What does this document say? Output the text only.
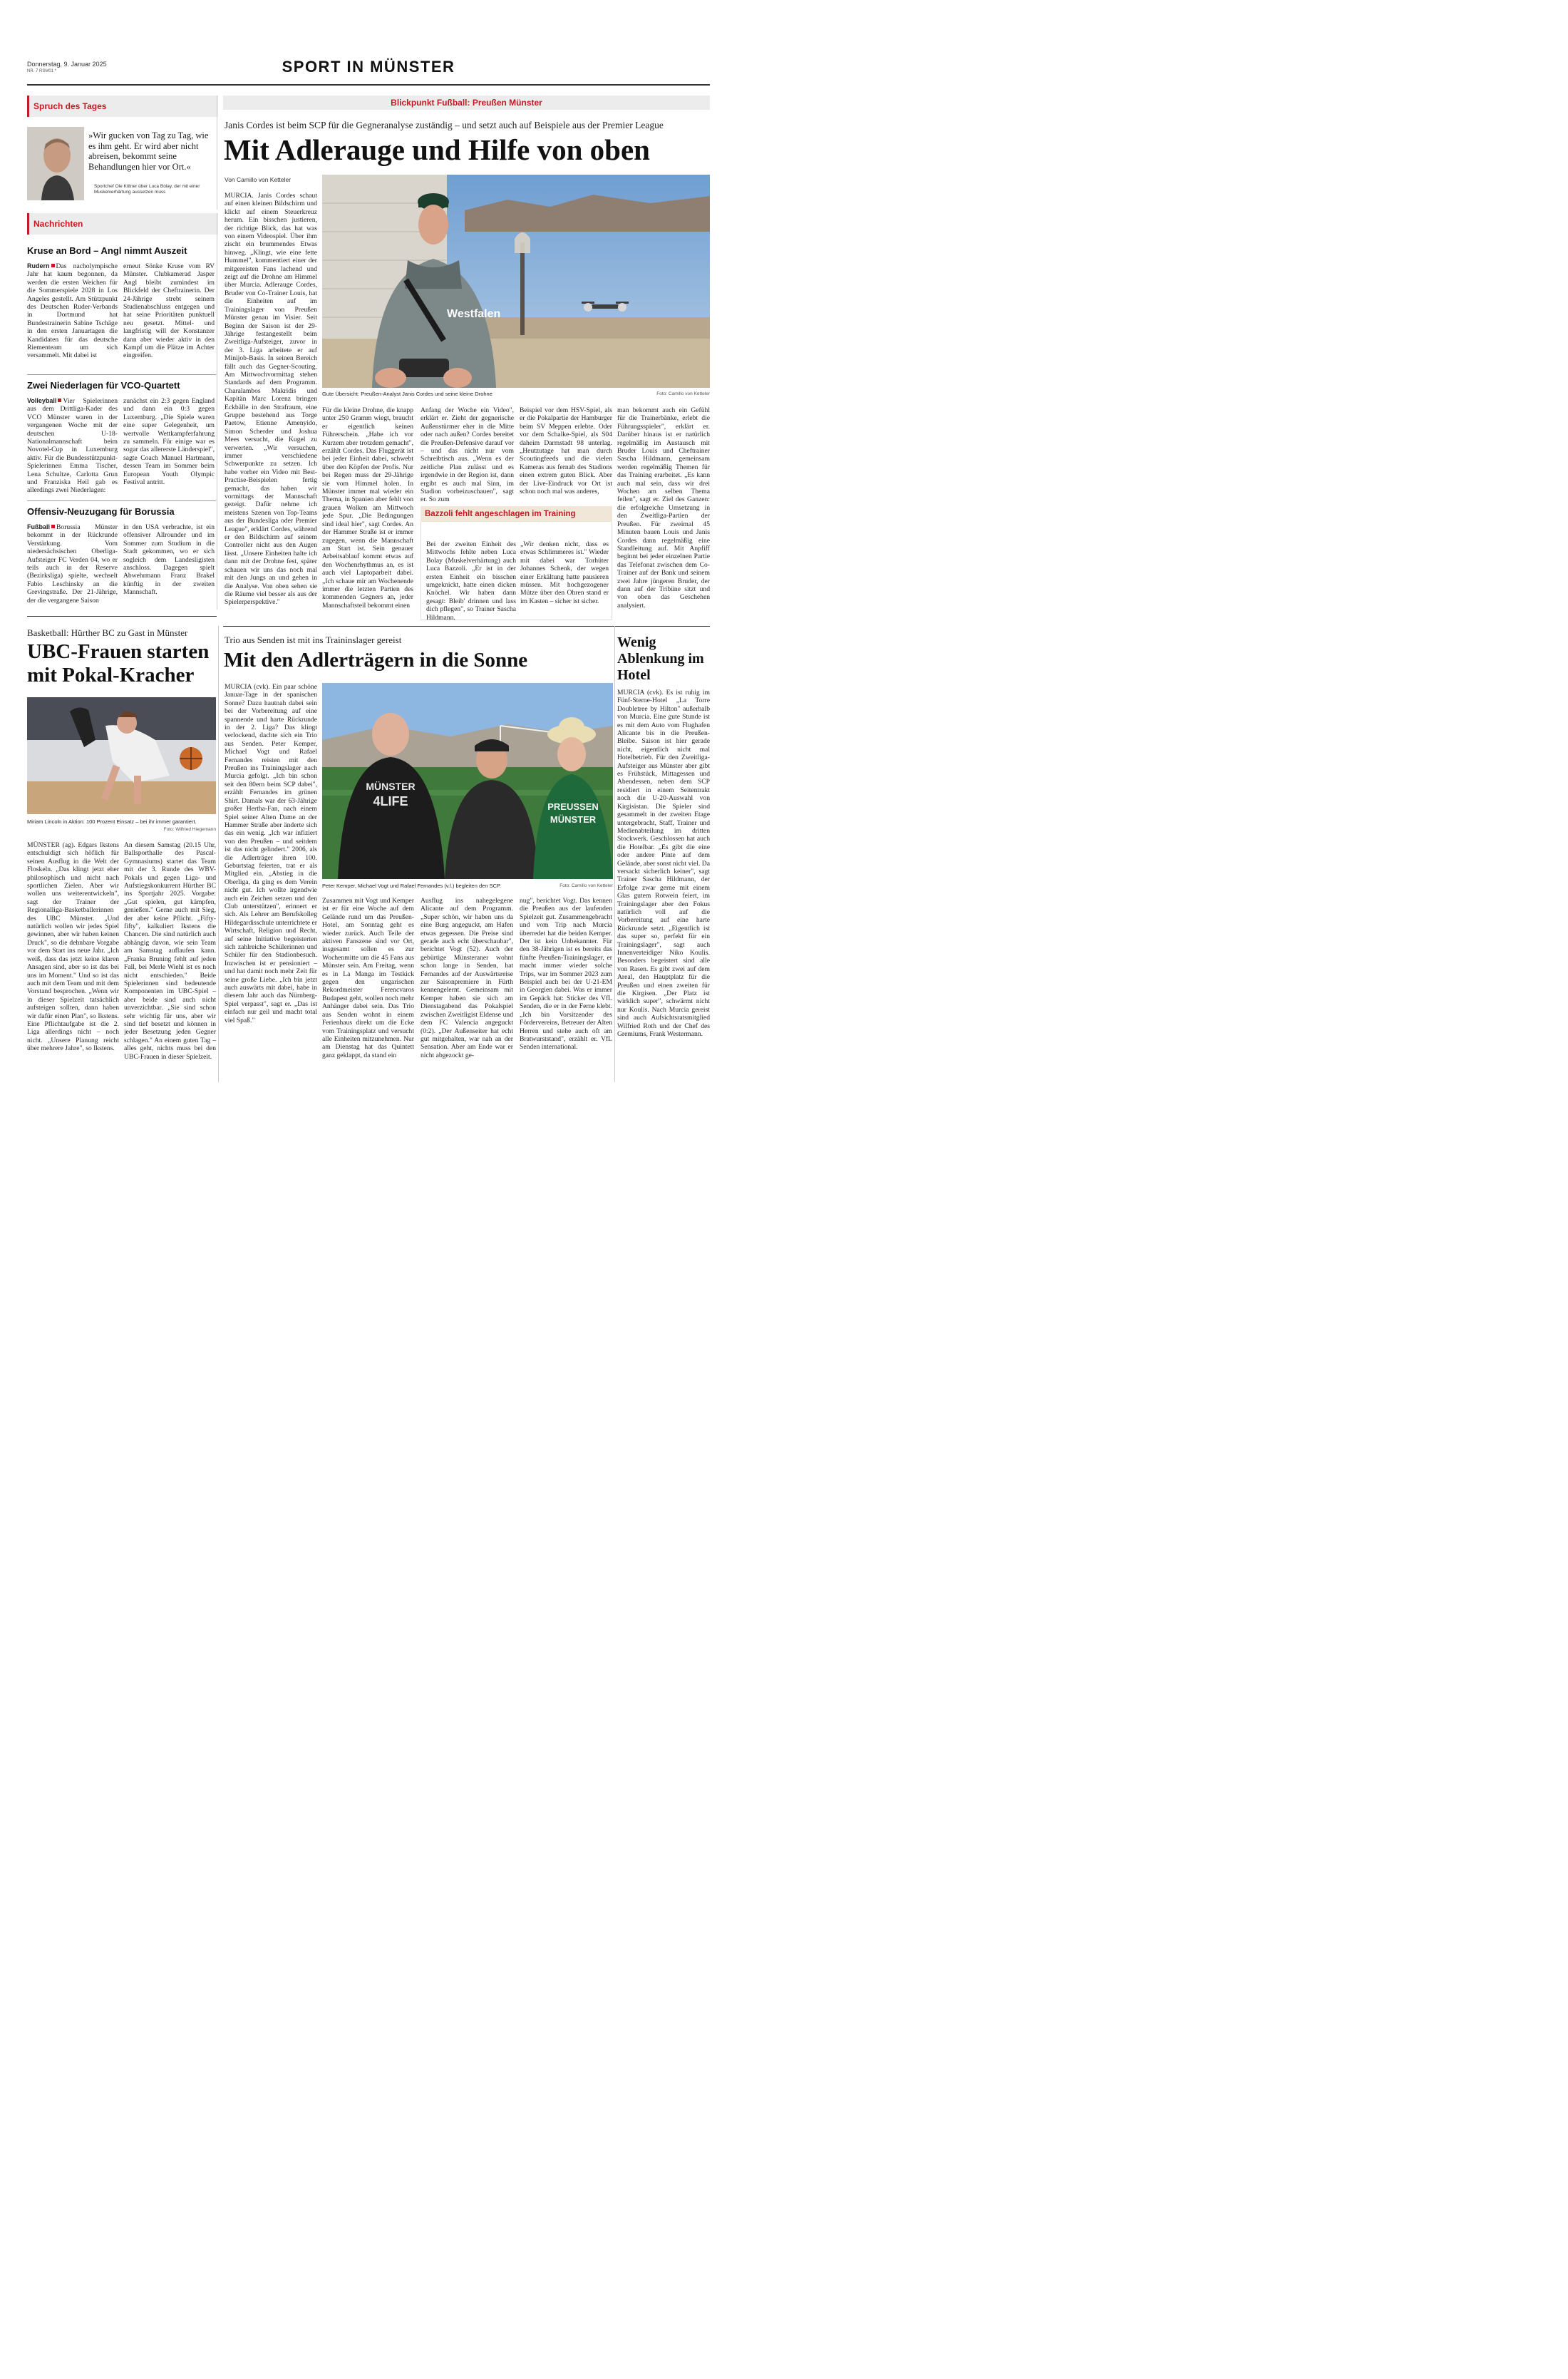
Donnerstag, 9. Januar 2025
NR. 7 RSM01 *	SPORT IN MÜNSTER
Spruch des Tages
»Wir gucken von Tag zu Tag, wie es ihm geht. Er wird aber nicht abreisen, bekommt seine Behandlungen hier vor Ort.«
Sportchef Ole Kittner über Luca Bolay, der mit einer Muskelverhärtung aussetzen muss
Nachrichten
Kruse an Bord – Angl nimmt Auszeit
Rudern Das nacholympische Jahr hat kaum begonnen, da werden die ersten Weichen für die Sommerspiele 2028 in Los Angeles gestellt. Am Stützpunkt des Deutschen Ruder-Verbands in Dortmund hat Bundestrainerin Sabine Tschäge in den ersten Januartagen die Kandidaten für das deutsche Riementeam um sich versammelt. Mit dabei ist
erneut Sönke Kruse vom RV Münster. Clubkamerad Jasper Angl bleibt zumindest im Blickfeld der Cheftrainerin. Der 24-Jährige strebt seinem Studienabschluss entgegen und hat seine Prioritäten punktuell neu gesetzt. Mittel- und langfristig will der Konstanzer dann aber wieder aktiv in den Kampf um die Plätze im Achter eingreifen.
Zwei Niederlagen für VCO-Quartett
Volleyball Vier Spielerinnen aus dem Drittliga-Kader des VCO Münster waren in der vergangenen Woche mit der deutschen U-18-Nationalmannschaft beim Novotel-Cup in Luxemburg aktiv. Für die Bundesstützpunkt-Spielerinnen Emma Tischer, Lena Schultze, Carlotta Grun und Franziska Heil gab es allerdings zwei Niederlagen:
zunächst ein 2:3 gegen England und dann ein 0:3 gegen Luxemburg. „Die Spiele waren eine super Gelegenheit, um wertvolle Wettkampferfahrung zu sammeln. Für einige war es sogar das allererste Länderspiel", sagte Coach Manuel Hartmann, dessen Team im Sommer beim European Youth Olympic Festival antritt.
Offensiv-Neuzugang für Borussia
Fußball Borussia Münster bekommt in der Rückrunde Verstärkung. Vom niedersächsischen Oberliga-Aufsteiger FC Verden 04, wo er teils auch in der Reserve (Bezirksliga) spielte, wechselt Fabio Leschinsky an die Grevingstraße. Der 21-Jährige, der die vergangene Saison
in den USA verbrachte, ist ein offensiver Allrounder und im Sommer zum Studium in die Stadt gekommen, wo er sich sogleich dem Landesligisten anschloss. Dagegen spielt Abwehrmann Franz Brakel künftig in der zweiten Mannschaft.
Blickpunkt Fußball: Preußen Münster
Janis Cordes ist beim SCP für die Gegneranalyse zuständig – und setzt auch auf Beispiele aus der Premier League
Mit Adlerauge und Hilfe von oben
Von Camillo von Ketteler
MURCIA. Janis Cordes schaut auf einen kleinen Bildschirm und klickt auf einem Steuerkreuz herum. Ein bisschen justieren, der richtige Blick, das hat was von einem Videospiel. Über ihm zischt ein brummendes Etwas hinweg. „Klingt, wie eine fette Hummel", kommentiert einer der mitgereisten Fans lachend und zeigt auf die Drohne am Himmel über Murcia. Adlerauge Cordes, Bruder von Co-Trainer Louis, hat die Einheiten auf im Trainingslager von Preußen Münster genau im Visier. Seit Beginn der Saison ist der 29-Jährige festangestellt beim Zweitliga-Aufsteiger, zuvor in der 3. Liga arbeitete er auf Minijob-Basis. In seinen Bereich fällt auch das Gegner-Scouting. Am Mittwochvormittag stehen Standards auf dem Programm. Charalambos Makridis und Kapitän Marc Lorenz bringen Eckbälle in den Strafraum, eine Gruppe bestehend aus Torge Paetow, Etienne Amenyido, Simon Scherder und Joshua Mees versucht, die Kugel zu verwerten. „Wir versuchen, immer verschiedene Schwerpunkte zu setzen. Ich habe vorher ein Video mit Best-Practise-Beispielen fertig gemacht, das haben wir vormittags der Mannschaft gezeigt. Dafür nehme ich meistens Szenen von Top-Teams aus der Bundesliga oder Premier League", erklärt Cordes, während er den Bildschirm auf seinem Controller nicht aus den Augen lässt. „Unsere Einheiten halte ich dann mit der Drohne fest, später schauen wir uns das noch mal mit den Jungs an und gehen in die Analyse. Von oben sehen sie die Räume viel besser als aus der Spielerperspektive."
Westfalen
Gute Übersicht: Preußen-Analyst Janis Cordes und seine kleine Drohne	Foto: Camillo von Ketteler
Für die kleine Drohne, die knapp unter 250 Gramm wiegt, braucht er eigentlich keinen Führerschein. „Habe ich vor Kurzem aber trotzdem gemacht", erzählt Cordes. Das Fluggerät ist bei jeder Einheit dabei, schwebt über den Köpfen der Profis. Nur bei Regen muss der 29-Jährige sie vom Himmel holen. In Münster immer mal wieder ein Thema, in Spanien aber fehlt von grauen Wolken am Mittwoch jede Spur. „Die Bedingungen sind ideal hier", sagt Cordes. An der Hammer Straße ist er immer zugegen, wenn die Mannschaft am Start ist. Sein genauer Arbeitsablauf kommt etwas auf den Wochenrhythmus an, es ist auch viel Laptoparbeit dabei. „Ich schaue mir am Wochenende immer die letzten Partien des kommenden Gegners an, jeder Mannschaftsteil bekommt einen
Anfang der Woche ein Video", erklärt er. Zieht der gegnerische Außenstürmer eher in die Mitte oder nach außen? Cordes bereitet die Preußen-Defensive darauf vor – und das nicht nur vom Schreibtisch aus. „Wenn es der zeitliche Plan zulässt und es irgendwie in der Region ist, dann ergibt es auch mal Sinn, im Stadion vorbeizuschauen", sagt er. So zum
Beispiel vor dem HSV-Spiel, als er die Pokalpartie der Hamburger beim SV Meppen erlebte. Oder vor dem Schalke-Spiel, als S04 daheim Darmstadt 98 unterlag. „Heutzutage hat man durch Scoutingfeeds und die vielen Kameras aus fernab des Stadions einen extrem guten Blick. Aber der Live-Eindruck vor Ort ist schon noch mal was anderes,
man bekommt auch ein Gefühl für die Trainerbänke, erlebt die Führungsspieler", erklärt er. Darüber hinaus ist er natürlich regelmäßig im Austausch mit Bruder Louis und Cheftrainer Sascha Hildmann, gemeinsam werden regelmäßig Themen für das Training erarbeitet. „Es kann auch mal sein, dass wir drei Wochen am selben Thema feilen", sagt er. Ziel des Ganzen: die erfolgreiche Umsetzung in den Zweitliga-Partien der Preußen. Für zweimal 45 Minuten bauen Louis und Janis Cordes dann regelmäßig eine Standleitung auf. Mit Anpfiff beginnt bei jeder einzelnen Partie das Telefonat zwischen dem Co-Trainer auf der Bank und seinem zwei Jahre jüngeren Bruder, der dann auf der Tribüne sitzt und von oben das Geschehen analysiert.
Bazzoli fehlt angeschlagen im Training
Bei der zweiten Einheit des Mittwochs fehlte neben Luca Bolay (Muskelverhärtung) auch Luca Bazzoli. „Er ist in der ersten Einheit ein bisschen umgeknickt, hatte einen dicken Knöchel. Wir haben dann gesagt: Bleib' drinnen und lass dich pflegen", so Trainer Sascha Hildmann.
„Wir denken nicht, dass es etwas Schlimmeres ist." Wieder mit dabei war Torhüter Johannes Schenk, der wegen einer Erkältung hatte pausieren müssen. Mit hochgezogener Mütze über den Ohren stand er im Kasten – sicher ist sicher.
Basketball: Hürther BC zu Gast in Münster
UBC-Frauen starten mit Pokal-Kracher
Miriam Lincoln in Aktion: 100 Prozent Einsatz – bei ihr immer garantiert.
Foto: Wilfried Hiegemann
MÜNSTER (ag). Edgars Ikstens entschuldigt sich höflich für seinen Ausflug in die Welt der Floskeln. „Das klingt jetzt eher philosophisch und nicht nach sportlichen Zielen. Aber wir wollen uns weiterentwickeln", sagt der Trainer der Regionalliga-Basketballerinnen des UBC Münster. „Und natürlich wollen wir jedes Spiel gewinnen, aber wir haben keinen Druck", so die dehnbare Vorgabe vor dem Start ins neue Jahr. „Ich weiß, dass das jetzt keine klaren Ansagen sind, aber so ist das bei uns im Moment." Und so ist das auch mit dem Team und mit dem Vorstand besprochen. „Wenn wir in dieser Spielzeit tatsächlich aufsteigen sollten, dann haben wir dafür einen Plan", so Ikstens. Eine Pflichtaufgabe ist die 2. Liga allerdings nicht – noch nicht. „Unsere Planung reicht über mehrere Jahre", so Ikstens.
An diesem Samstag (20.15 Uhr, Ballsporthalle des Pascal-Gymnasiums) startet das Team mit der 3. Runde des WBV-Pokals und gegen Liga- und Aufstiegskonkurrent Hürther BC ins Sportjahr 2025. Vorgabe: „Gut spielen, gut kämpfen, genießen." Gerne auch mit Sieg, der aber keine Pflicht. „Fifty-fifty", kalkuliert Ikstens die Chancen. Die sind natürlich auch abhängig davon, wie sein Team am Samstag auflaufen kann. „Franka Bruning fehlt auf jeden Fall, bei Merle Wiehl ist es noch nicht entschieden." Beide Spielerinnen sind bedeutende Komponenten im UBC-Spiel – aber beide sind auch nicht unverzichtbar. „Sie sind schon sehr wichtig für uns, aber wir sind tief besetzt und können in jeder Besetzung jeden Gegner schlagen." An einem guten Tag – alles geht, nichts muss bei den UBC-Frauen in dieser Spielzeit.
Trio aus Senden ist mit ins Traininslager gereist
Mit den Adlerträgern in die Sonne
MURCIA (cvk). Ein paar schöne Januar-Tage in der spanischen Sonne? Dazu hautnah dabei sein bei der Vorbereitung auf eine spannende und harte Rückrunde in der 2. Liga? Das klingt verlockend, dachte sich ein Trio aus Senden. Peter Kemper, Michael Vogt und Rafael Fernandes reisten mit den Preußen ins Trainingslager nach Murcia gefolgt. „Ich bin schon seit den 80ern beim SCP dabei", erzählt Fernandes im grünen Shirt. Damals war der 63-Jährige großer Hertha-Fan, nach einem Spiel seiner Alten Dame an der Hammer Straße aber änderte sich das ein wenig. „Ich war infiziert von den Preußen – und seitdem ist das nicht gelindert." 2006, als die Adlerträger ihren 100. Geburtstag feierten, trat er als Mitglied ein. „Abstieg in die Oberliga, da ging es dem Verein nicht gut. Ich wollte irgendwie auch ein Zeichen setzen und den Club unterstützen", erinnert er sich. Als Lehrer am Berufskolleg Hildegardisschule unterrichtete er Wirtschaft, Religion und Recht, auf seine Initiative begeisterten sich zahlreiche Schülerinnen und Schüler für den Stadionbesuch. Inzwischen ist er pensioniert – und hat damit noch mehr Zeit für seine große Liebe. „Ich bin jetzt auch auswärts mit dabei, habe in diesem Jahr auch das Nürnberg-Spiel verpasst", sagt er. „Das ist einfach nur geil und macht total viel Spaß."
MÜNSTER
4LIFE	PREUSSEN
MÜNSTER
Peter Kemper, Michael Vogt und Rafael Fernandes (v.l.) begleiten den SCP.	Foto: Camillo von Ketteler
Zusammen mit Vogt und Kemper ist er für eine Woche auf dem Gelände rund um das Preußen-Hotel, am Sonntag geht es wieder zurück. Auch Teile der aktiven Fanszene sind vor Ort, insgesamt sollen es zur Wochenmitte um die 45 Fans aus Münster sein. Am Freitag, wenn es in La Manga im Testkick gegen den ungarischen Rekordmeister Ferencvaros Budapest geht, wollen noch mehr Anhänger dabei sein. Das Trio aus Senden wohnt in einem Ferienhaus direkt um die Ecke vom Trainingsplatz und versucht alle Einheiten mitzunehmen. Nur am Dienstag hat das Quintett ganz geklappt, da stand ein
Ausflug ins nahegelegene Alicante auf dem Programm. „Super schön, wir haben uns da eine Burg angeguckt, am Hafen etwas gegessen. Die Preise sind gerade auch echt überschaubar", berichtet Vogt (52). Auch der gebürtige Münsteraner wohnt schon lange in Senden, hat Fernandes auf der Auswärtsreise zur Saisonpremiere in Fürth kennengelernt. Gemeinsam mit Kemper haben sie sich am Dienstagabend das Pokalspiel zwischen Zweitligist Eldense und dem FC Valencia angeguckt (0:2). „Der Außenseiter hat echt gut mitgehalten, war nah an der Sensation. Aber am Ende war er nicht abgezockt ge-
nug", berichtet Vogt. Das kennen die Preußen aus der laufenden Spielzeit gut. Zusammengebracht und vom Trip nach Murcia überredet hat die beiden Kemper. Der ist kein Unbekannter. Für den 38-Jährigen ist es bereits das fünfte Preußen-Trainingslager, er macht immer wieder solche Trips, war im Sommer 2023 zum Beispiel auch bei der U-21-EM in Georgien dabei. Was er immer im Gepäck hat: Sticker des VfL Senden, die er in der Ferne klebt. „Ich bin Vorsitzender des Fördervereins, Betreuer der Alten Herren und stehe auch oft am Bratwurststand", erzählt er. VfL Senden international.
Wenig Ablenkung im Hotel
MURCIA (cvk). Es ist ruhig im Fünf-Sterne-Hotel „La Torre Doubletree by Hilton" außerhalb von Murcia. Eine gute Stunde ist es mit dem Auto vom Flughafen Alicante bis in die Preußen-Bleibe. Saison ist hier gerade nicht, eigentlich nicht mal Hotelbetrieb. Für den Zweitliga-Aufsteiger aus Münster aber gibt es Frühstück, Mittagessen und Abendessen, neben dem SCP residiert in einem Seitentrakt noch die U-20-Auswahl von Kirgisistan. Die Spieler sind gesammelt in der zweiten Etage untergebracht, Staff, Trainer und Medienabteilung im dritten Stockwerk. Geschlossen hat auch die Hotelbar. „Es gibt die eine oder andere Pinte auf dem Gelände, aber sonst nicht viel. Da versackt sicherlich keiner", sagt Trainer Sascha Hildmann, der Erfolge zwar gerne mit einem Glas gutem Rotwein feiert, im Trainingslager aber den Fokus natürlich voll auf die Vorbereitung auf eine harte Rückrunde setzt. „Eigentlich ist das super so, perfekt für ein Trainingslager", sagt auch Innenverteidiger Niko Koulis. Besonders begeistert sind alle von Rasen. Es gibt zwei auf dem Areal, den Hauptplatz für die Preußen und einen zweiten für die Kirgisen. „Der Platz ist wirklich super", schwärmt nicht nur Koulis. Nach Murcia gereist sind auch Aufsichtsratsmitglied Wilfried Roth und der Chef des Gremiums, Frank Westermann.
